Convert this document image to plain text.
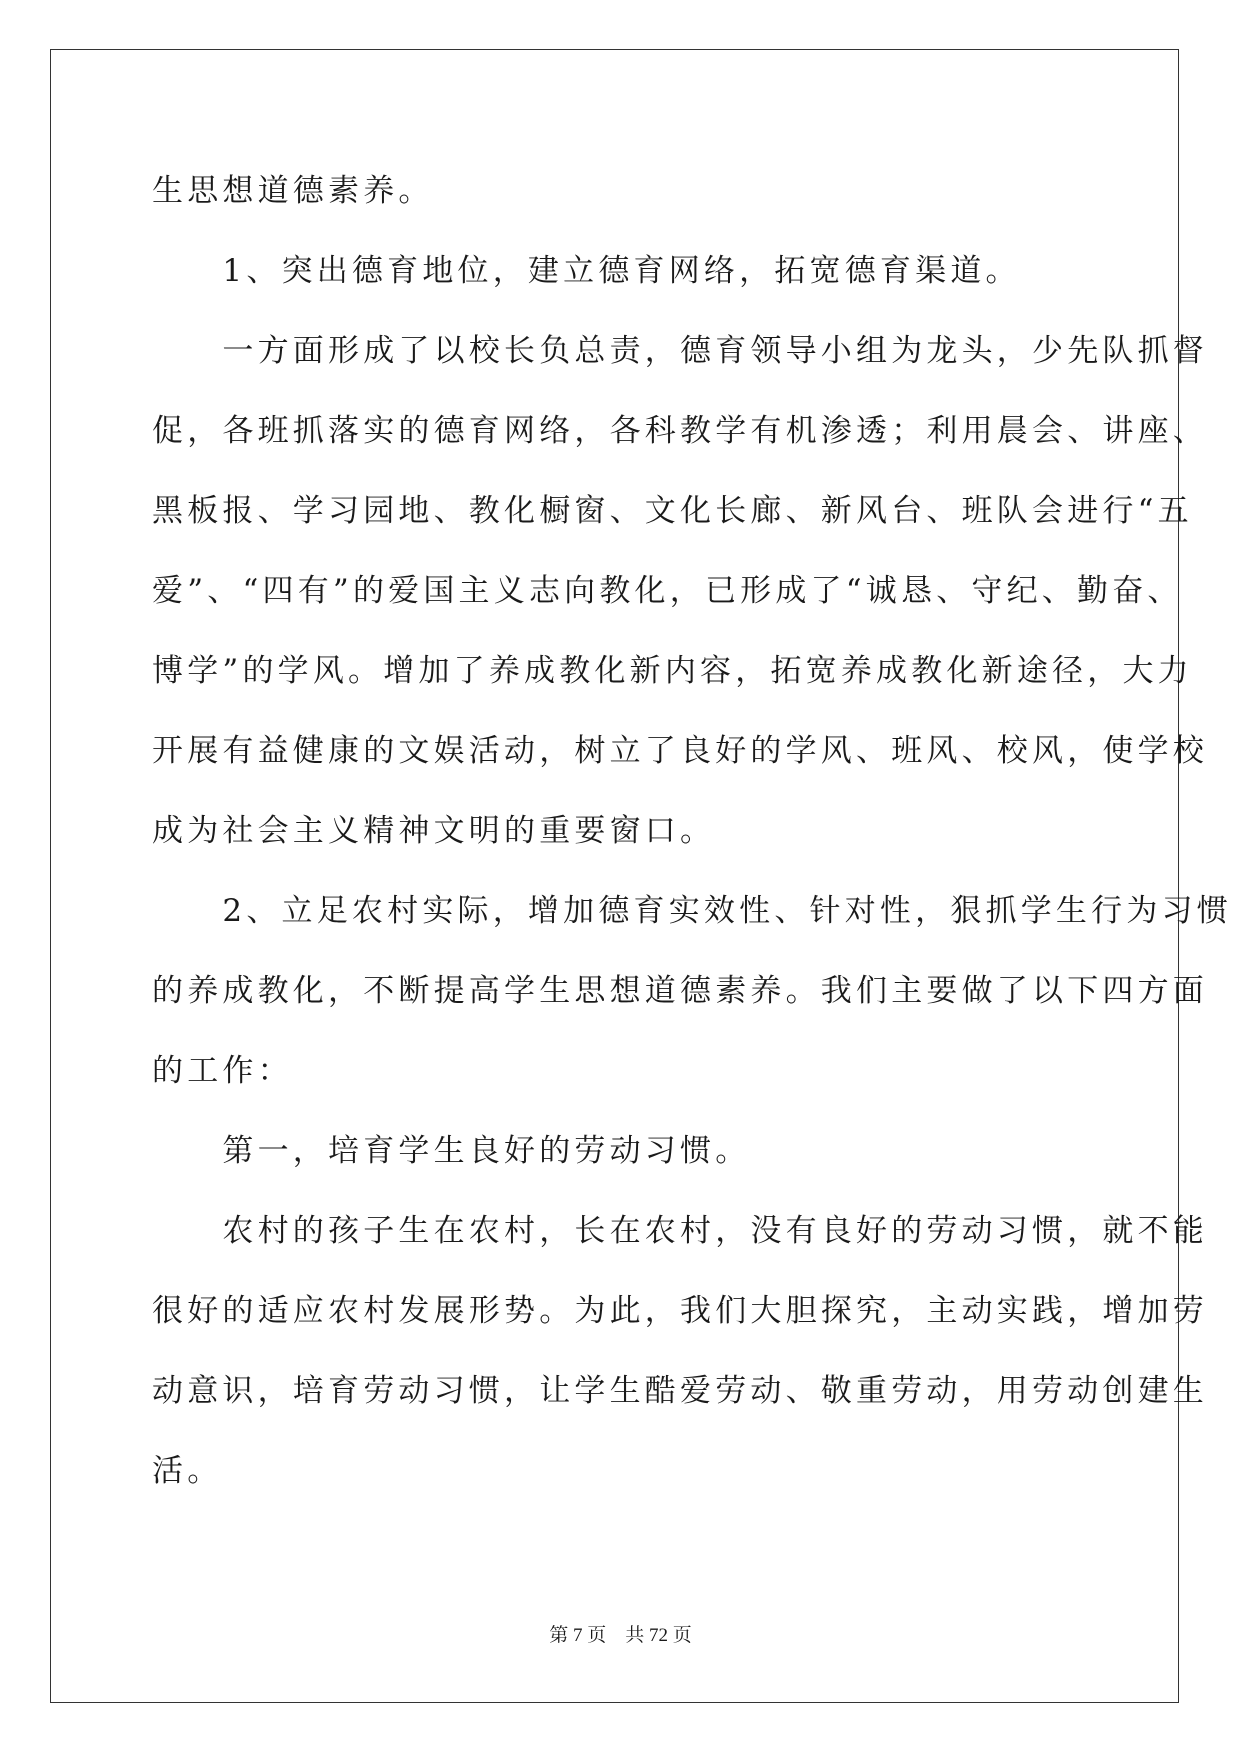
生思想道德素养。
　　1、突出德育地位，建立德育网络，拓宽德育渠道。
　　一方面形成了以校长负总责，德育领导小组为龙头，少先队抓督
促，各班抓落实的德育网络，各科教学有机渗透；利用晨会、讲座、
黑板报、学习园地、教化橱窗、文化长廊、新风台、班队会进行“五
爱”、“四有”的爱国主义志向教化，已形成了“诚恳、守纪、勤奋、
博学”的学风。增加了养成教化新内容，拓宽养成教化新途径，大力
开展有益健康的文娱活动，树立了良好的学风、班风、校风，使学校
成为社会主义精神文明的重要窗口。
　　2、立足农村实际，增加德育实效性、针对性，狠抓学生行为习惯
的养成教化，不断提高学生思想道德素养。我们主要做了以下四方面
的工作：
　　第一，培育学生良好的劳动习惯。
　　农村的孩子生在农村，长在农村，没有良好的劳动习惯，就不能
很好的适应农村发展形势。为此，我们大胆探究，主动实践，增加劳
动意识，培育劳动习惯，让学生酷爱劳动、敬重劳动，用劳动创建生
活。
第 7 页　共 72 页
